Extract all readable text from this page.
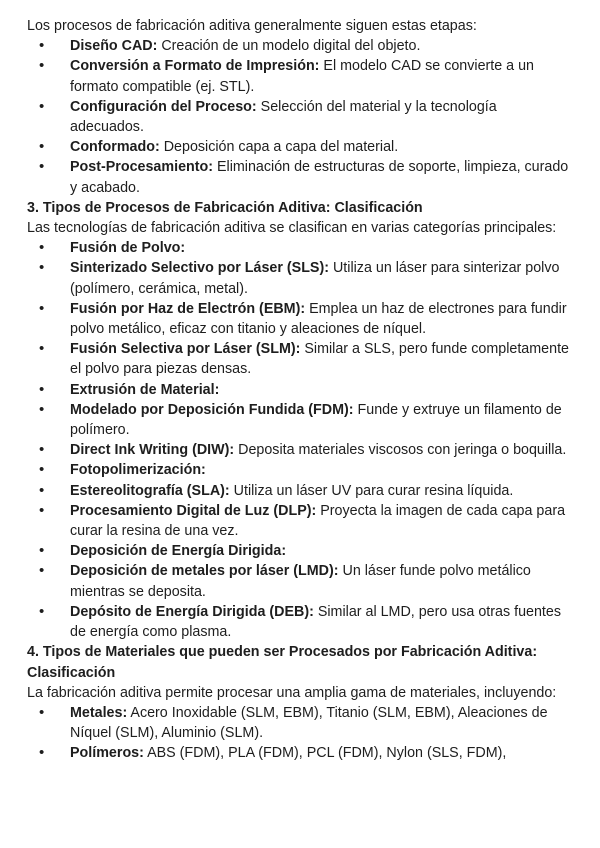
Los procesos de fabricación aditiva generalmente siguen estas etapas:

• Diseño CAD: Creación de un modelo digital del objeto.
• Conversión a Formato de Impresión: El modelo CAD se convierte a un formato compatible (ej. STL).
• Configuración del Proceso: Selección del material y la tecnología adecuados.
• Conformado: Deposición capa a capa del material.
• Post-Procesamiento: Eliminación de estructuras de soporte, limpieza, curado y acabado.

3. Tipos de Procesos de Fabricación Aditiva: Clasificación

Las tecnologías de fabricación aditiva se clasifican en varias categorías principales:

• Fusión de Polvo:
• Sinterizado Selectivo por Láser (SLS): Utiliza un láser para sinterizar polvo (polímero, cerámica, metal).
• Fusión por Haz de Electrón (EBM): Emplea un haz de electrones para fundir polvo metálico, eficaz con titanio y aleaciones de níquel.
• Fusión Selectiva por Láser (SLM): Similar a SLS, pero funde completamente el polvo para piezas densas.
• Extrusión de Material:
• Modelado por Deposición Fundida (FDM): Funde y extruye un filamento de polímero.
• Direct Ink Writing (DIW): Deposita materiales viscosos con jeringa o boquilla.
• Fotopolimerización:
• Estereolitografía (SLA): Utiliza un láser UV para curar resina líquida.
• Procesamiento Digital de Luz (DLP): Proyecta la imagen de cada capa para curar la resina de una vez.
• Deposición de Energía Dirigida:
• Deposición de metales por láser (LMD): Un láser funde polvo metálico mientras se deposita.
• Depósito de Energía Dirigida (DEB): Similar al LMD, pero usa otras fuentes de energía como plasma.

4. Tipos de Materiales que pueden ser Procesados por Fabricación Aditiva: Clasificación

La fabricación aditiva permite procesar una amplia gama de materiales, incluyendo:

• Metales: Acero Inoxidable (SLM, EBM), Titanio (SLM, EBM), Aleaciones de Níquel (SLM), Aluminio (SLM).
• Polímeros: ABS (FDM), PLA (FDM), PCL (FDM), Nylon (SLS, FDM),
